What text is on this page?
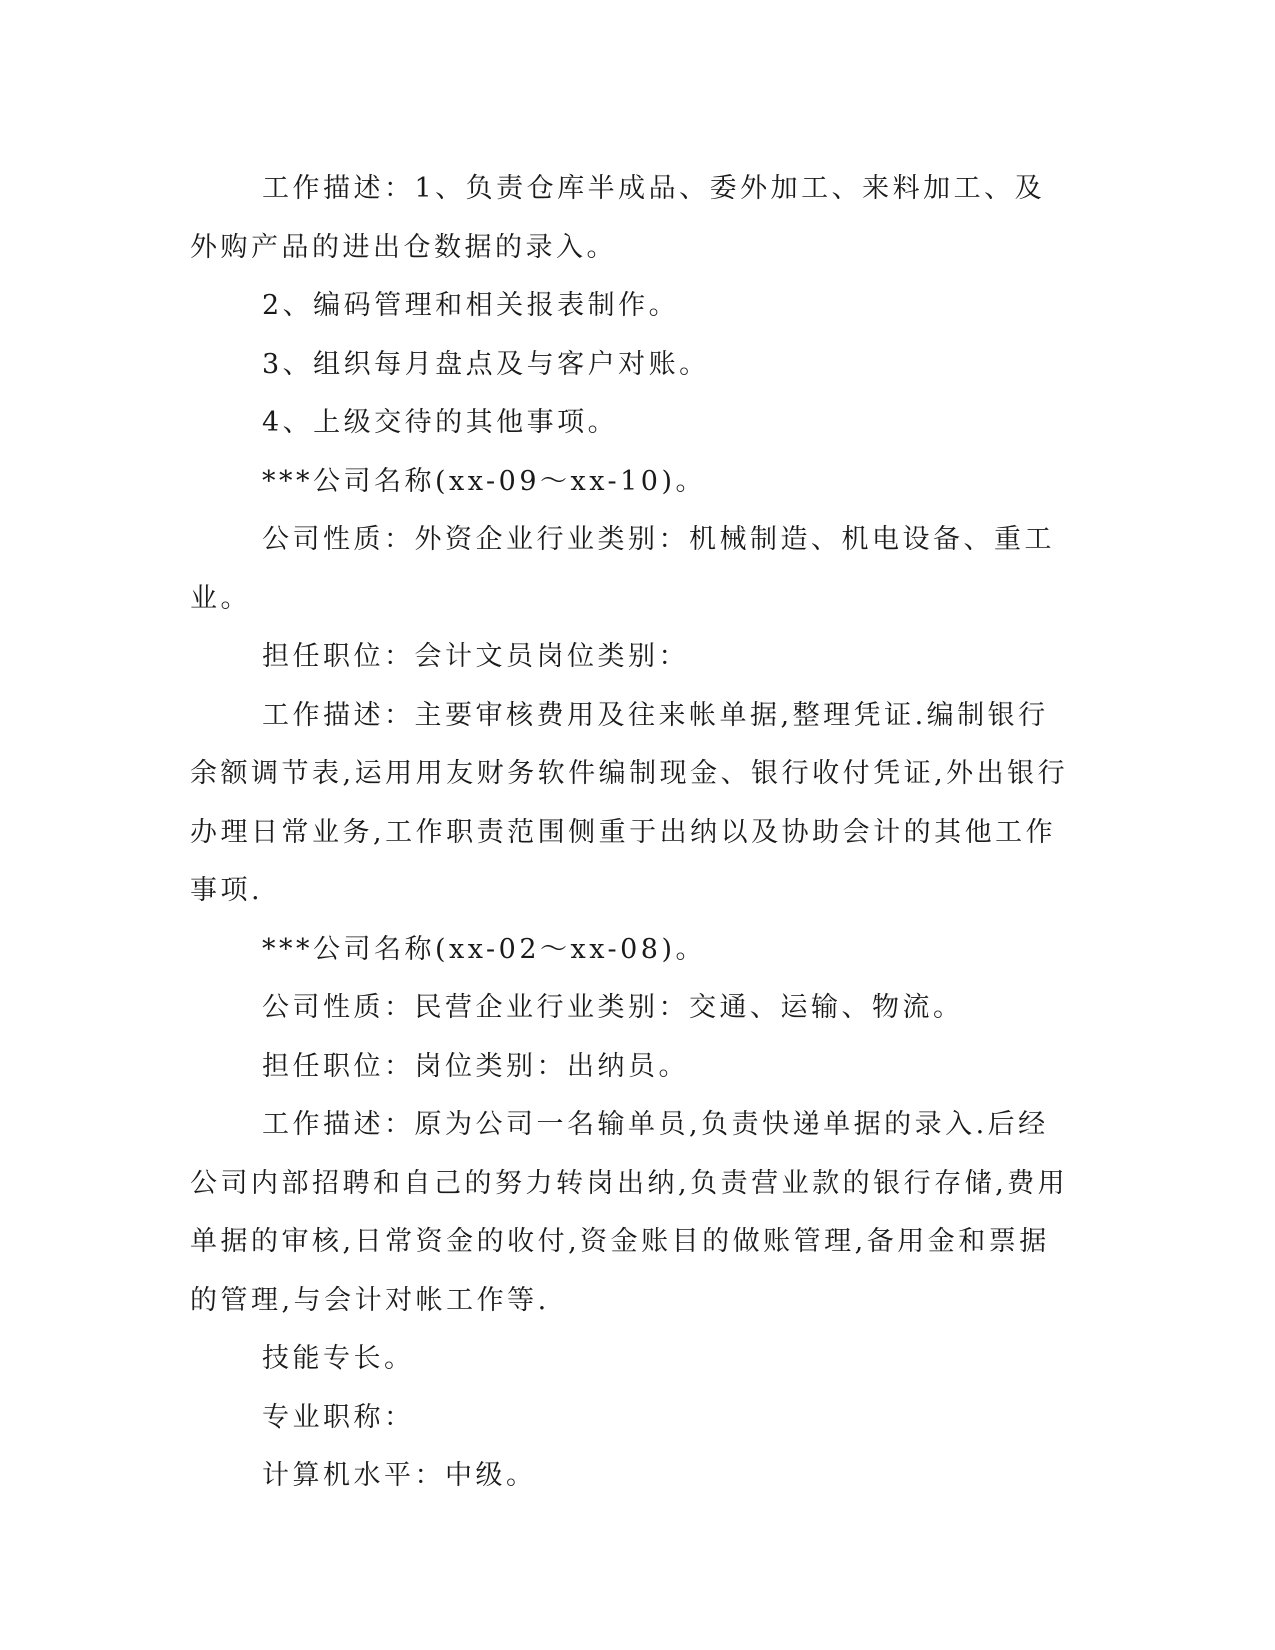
工作描述：1、负责仓库半成品、委外加工、来料加工、及外购产品的进出仓数据的录入。

2、编码管理和相关报表制作。

3、组织每月盘点及与客户对账。

4、上级交待的其他事项。

***公司名称(xx-09～xx-10)。

公司性质：外资企业行业类别：机械制造、机电设备、重工业。

担任职位：会计文员岗位类别：

工作描述：主要审核费用及往来帐单据,整理凭证.编制银行余额调节表,运用用友财务软件编制现金、银行收付凭证,外出银行办理日常业务,工作职责范围侧重于出纳以及协助会计的其他工作事项.

***公司名称(xx-02～xx-08)。

公司性质：民营企业行业类别：交通、运输、物流。

担任职位：岗位类别：出纳员。

工作描述：原为公司一名输单员,负责快递单据的录入.后经公司内部招聘和自己的努力转岗出纳,负责营业款的银行存储,费用单据的审核,日常资金的收付,资金账目的做账管理,备用金和票据的管理,与会计对帐工作等.

技能专长。

专业职称：

计算机水平：中级。
